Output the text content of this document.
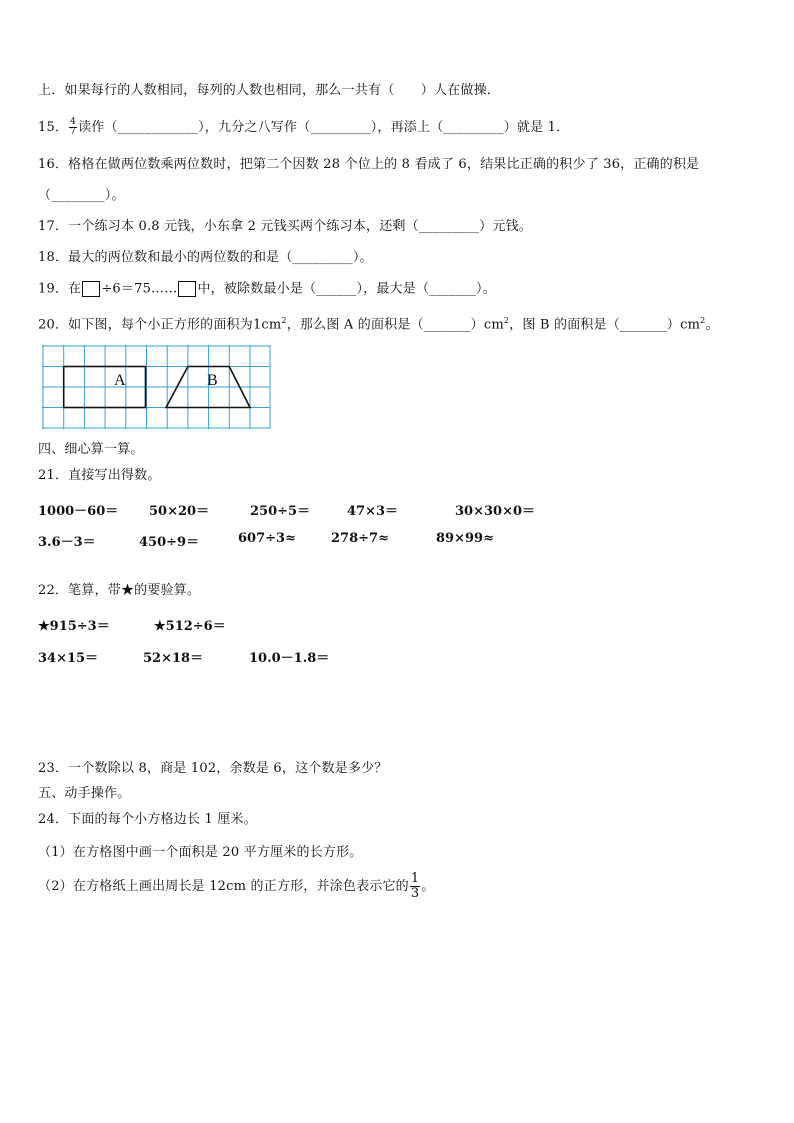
上．如果每行的人数相同，每列的人数也相同，那么一共有（　　）人在做操．
15． $\frac{4}{7}$ 读作（____________），九分之八写作（_________），再添上（_________）就是 1．
16．格格在做两位数乘两位数时，把第二个因数 28 个位上的 8 看成了 6，结果比正确的积少了 36，正确的积是
（________）。
17．一个练习本 0.8 元钱，小东拿 2 元钱买两个练习本，还剩（_________）元钱。
18．最大的两位数和最小的两位数的和是（_________）。
19．在 ÷6＝75…… 中，被除数最小是（______），最大是（_______）。
20．如下图，每个小正方形的面积为$1cm^2$，那么图 A 的面积是$(\_\_\_\_\_\_\_)cm^2$，图 B 的面积是$(\_\_\_\_\_\_\_)cm^2$。
A	B
四、细心算一算。
21．直接写出得数。
1000－60＝ 50×20＝	250÷5＝	47×3＝	30×30×0＝
3.6－3＝	450÷9＝	607÷3≈	278÷7≈	89×99≈
22．笔算，带★的要验算。
★915÷3＝	★512÷6＝
34×15＝	52×18＝	10.0－1.8＝
23．一个数除以 8，商是 102，余数是 6，这个数是多少？
五、动手操作。
24．下面的每个小方格边长 1 厘米。
（1）在方格图中画一个面积是 20 平方厘米的长方形。
（2）在方格纸上画出周长是 12cm 的正方形，并涂色表示它的 $\frac{1}{3}$ 。
